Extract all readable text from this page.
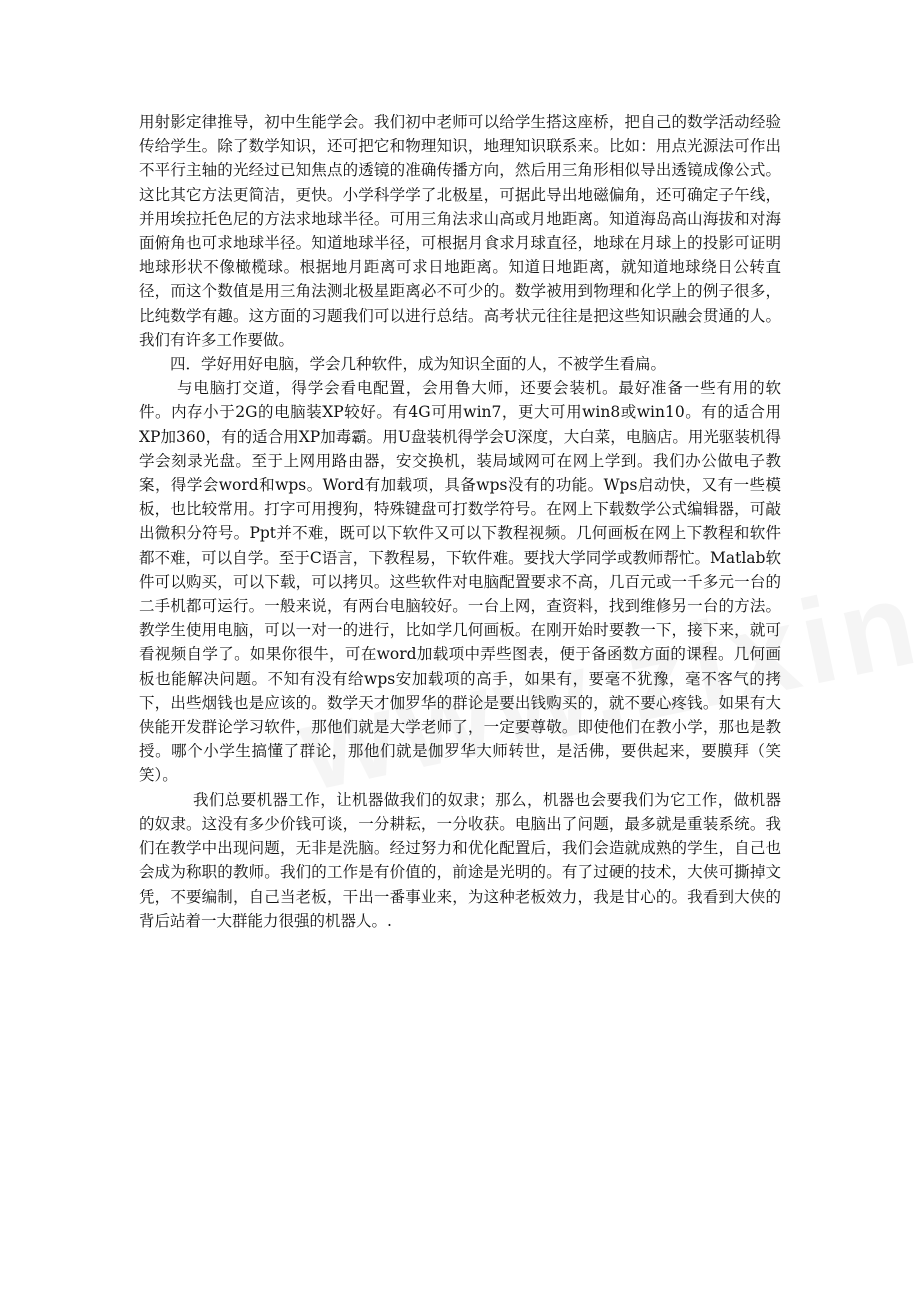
用射影定律推导，初中生能学会。我们初中老师可以给学生搭这座桥，把自己的数学活动经验传给学生。除了数学知识，还可把它和物理知识，地理知识联系来。比如：用点光源法可作出不平行主轴的光经过已知焦点的透镜的准确传播方向，然后用三角形相似导出透镜成像公式。这比其它方法更简洁，更快。小学科学学了北极星，可据此导出地磁偏角，还可确定子午线，并用埃拉托色尼的方法求地球半径。可用三角法求山高或月地距离。知道海岛高山海拔和对海面俯角也可求地球半径。知道地球半径，可根据月食求月球直径，地球在月球上的投影可证明地球形状不像橄榄球。根据地月距离可求日地距离。知道日地距离，就知道地球绕日公转直径，而这个数值是用三角法测北极星距离必不可少的。数学被用到物理和化学上的例子很多，比纯数学有趣。这方面的习题我们可以进行总结。高考状元往往是把这些知识融会贯通的人。我们有许多工作要做。

四．学好用好电脑，学会几种软件，成为知识全面的人，不被学生看扁。

与电脑打交道，得学会看电配置，会用鲁大师，还要会装机。最好准备一些有用的软件。内存小于2G的电脑装XP较好。有4G可用win7，更大可用win8或win10。有的适合用XP加360，有的适合用XP加毒霸。用U盘装机得学会U深度，大白菜，电脑店。用光驱装机得学会刻录光盘。至于上网用路由器，安交换机，装局域网可在网上学到。我们办公做电子教案，得学会word和wps。Word有加载项，具备wps没有的功能。Wps启动快，又有一些模板，也比较常用。打字可用搜狗，特殊键盘可打数学符号。在网上下载数学公式编辑器，可敲出微积分符号。Ppt并不难，既可以下软件又可以下教程视频。几何画板在网上下教程和软件都不难，可以自学。至于C语言，下教程易，下软件难。要找大学同学或教师帮忙。Matlab软件可以购买，可以下载，可以拷贝。这些软件对电脑配置要求不高，几百元或一千多元一台的二手机都可运行。一般来说，有两台电脑较好。一台上网，查资料，找到维修另一台的方法。教学生使用电脑，可以一对一的进行，比如学几何画板。在刚开始时要教一下，接下来，就可看视频自学了。如果你很牛，可在word加载项中弄些图表，便于备函数方面的课程。几何画板也能解决问题。不知有没有给wps安加载项的高手，如果有，要毫不犹豫，毫不客气的拷下，出些烟钱也是应该的。数学天才伽罗华的群论是要出钱购买的，就不要心疼钱。如果有大侠能开发群论学习软件，那他们就是大学老师了，一定要尊敬。即使他们在教小学，那也是教授。哪个小学生搞懂了群论，那他们就是伽罗华大师转世，是活佛，要供起来，要膜拜（笑笑）。

我们总要机器工作，让机器做我们的奴隶；那么，机器也会要我们为它工作，做机器的奴隶。这没有多少价钱可谈，一分耕耘，一分收获。电脑出了问题，最多就是重装系统。我们在教学中出现问题，无非是洗脑。经过努力和优化配置后，我们会造就成熟的学生，自己也会成为称职的教师。我们的工作是有价值的，前途是光明的。有了过硬的技术，大侠可撕掉文凭，不要编制，自己当老板，干出一番事业来，为这种老板效力，我是甘心的。我看到大侠的背后站着一大群能力很强的机器人。.
